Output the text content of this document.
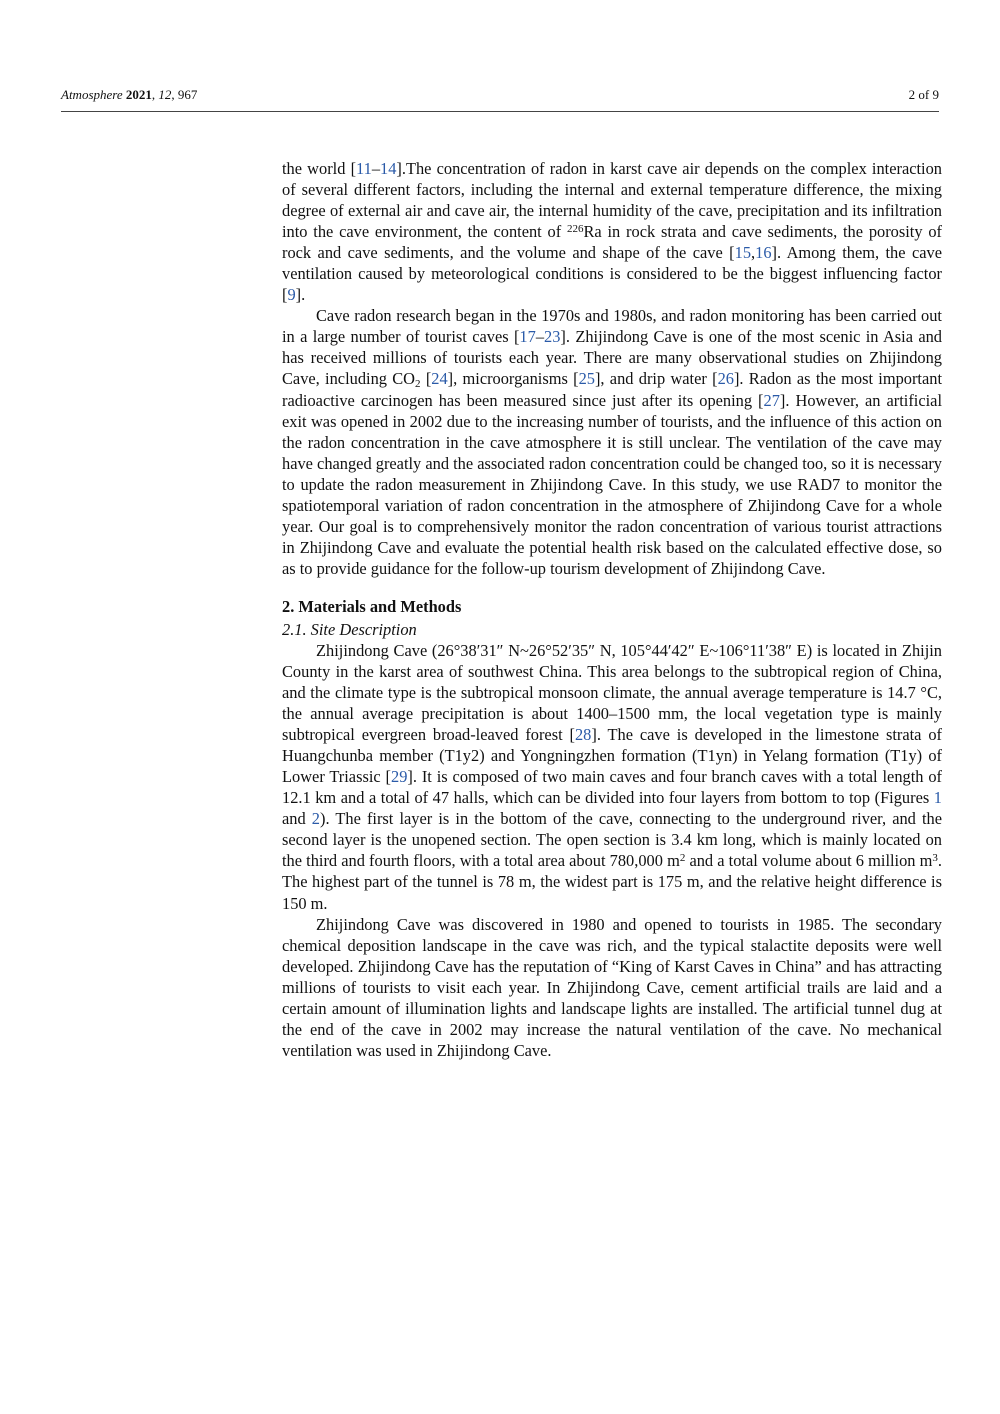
Atmosphere 2021, 12, 967	2 of 9

the world [11–14].The concentration of radon in karst cave air depends on the complex interaction of several different factors, including the internal and external temperature difference, the mixing degree of external air and cave air, the internal humidity of the cave, precipitation and its infiltration into the cave environment, the content of $^{226}$Ra in rock strata and cave sediments, the porosity of rock and cave sediments, and the volume and shape of the cave [15,16]. Among them, the cave ventilation caused by meteorological conditions is considered to be the biggest influencing factor [9].

Cave radon research began in the 1970s and 1980s, and radon monitoring has been carried out in a large number of tourist caves [17–23]. Zhijindong Cave is one of the most scenic in Asia and has received millions of tourists each year. There are many observational studies on Zhijindong Cave, including $CO_2$ [24], microorganisms [25], and drip water [26]. Radon as the most important radioactive carcinogen has been measured since just after its opening [27]. However, an artificial exit was opened in 2002 due to the increasing number of tourists, and the influence of this action on the radon concentration in the cave atmosphere it is still unclear. The ventilation of the cave may have changed greatly and the associated radon concentration could be changed too, so it is necessary to update the radon measurement in Zhijindong Cave. In this study, we use RAD7 to monitor the spatiotemporal variation of radon concentration in the atmosphere of Zhijindong Cave for a whole year. Our goal is to comprehensively monitor the radon concentration of various tourist attractions in Zhijindong Cave and evaluate the potential health risk based on the calculated effective dose, so as to provide guidance for the follow-up tourism development of Zhijindong Cave.

2. Materials and Methods
2.1. Site Description

Zhijindong Cave (26°38′31″ N~26°52′35″ N, 105°44′42″ E~106°11′38″ E) is located in Zhijin County in the karst area of southwest China. This area belongs to the subtropical region of China, and the climate type is the subtropical monsoon climate, the annual average temperature is 14.7 °C, the annual average precipitation is about 1400–1500 mm, the local vegetation type is mainly subtropical evergreen broad-leaved forest [28]. The cave is developed in the limestone strata of Huangchunba member (T1y2) and Yongningzhen formation (T1yn) in Yelang formation (T1y) of Lower Triassic [29]. It is composed of two main caves and four branch caves with a total length of 12.1 km and a total of 47 halls, which can be divided into four layers from bottom to top (Figures 1 and 2). The first layer is in the bottom of the cave, connecting to the underground river, and the second layer is the unopened section. The open section is 3.4 km long, which is mainly located on the third and fourth floors, with a total area about 780,000 $m^2$ and a total volume about 6 million $m^3$. The highest part of the tunnel is 78 m, the widest part is 175 m, and the relative height difference is 150 m.

Zhijindong Cave was discovered in 1980 and opened to tourists in 1985. The secondary chemical deposition landscape in the cave was rich, and the typical stalactite deposits were well developed. Zhijindong Cave has the reputation of “King of Karst Caves in China” and has attracting millions of tourists to visit each year. In Zhijindong Cave, cement artificial trails are laid and a certain amount of illumination lights and landscape lights are installed. The artificial tunnel dug at the end of the cave in 2002 may increase the natural ventilation of the cave. No mechanical ventilation was used in Zhijindong Cave.
